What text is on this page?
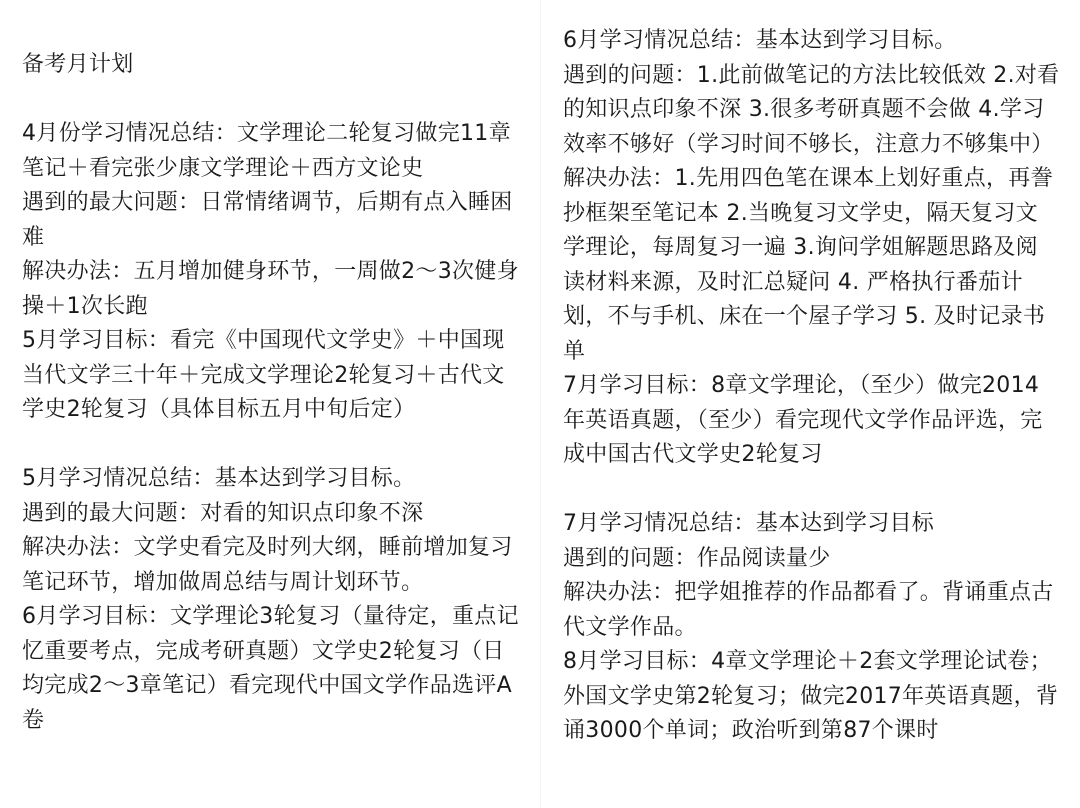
备考月计划

4月份学习情况总结：文学理论二轮复习做完11章笔记＋看完张少康文学理论＋西方文论史

遇到的最大问题：日常情绪调节，后期有点入睡困难

解决办法：五月增加健身环节，一周做2～3次健身操＋1次长跑

5月学习目标：看完《中国现代文学史》＋中国现当代文学三十年＋完成文学理论2轮复习＋古代文学史2轮复习（具体目标五月中旬后定）

5月学习情况总结：基本达到学习目标。

遇到的最大问题：对看的知识点印象不深

解决办法：文学史看完及时列大纲，睡前增加复习笔记环节，增加做周总结与周计划环节。

6月学习目标：文学理论3轮复习（量待定，重点记忆重要考点，完成考研真题）文学史2轮复习（日均完成2～3章笔记）看完现代中国文学作品选评A卷

6月学习情况总结：基本达到学习目标。

遇到的问题：1.此前做笔记的方法比较低效 2.对看的知识点印象不深 3.很多考研真题不会做 4.学习效率不够好（学习时间不够长，注意力不够集中）

解决办法：1.先用四色笔在课本上划好重点，再誊抄框架至笔记本 2.当晚复习文学史，隔天复习文学理论，每周复习一遍 3.询问学姐解题思路及阅读材料来源，及时汇总疑问 4. 严格执行番茄计划，不与手机、床在一个屋子学习 5. 及时记录书单

7月学习目标：8章文学理论，（至少）做完2014年英语真题，（至少）看完现代文学作品评选，完成中国古代文学史2轮复习

7月学习情况总结：基本达到学习目标

遇到的问题：作品阅读量少

解决办法：把学姐推荐的作品都看了。背诵重点古代文学作品。

8月学习目标：4章文学理论＋2套文学理论试卷；外国文学史第2轮复习；做完2017年英语真题，背诵3000个单词；政治听到第87个课时
